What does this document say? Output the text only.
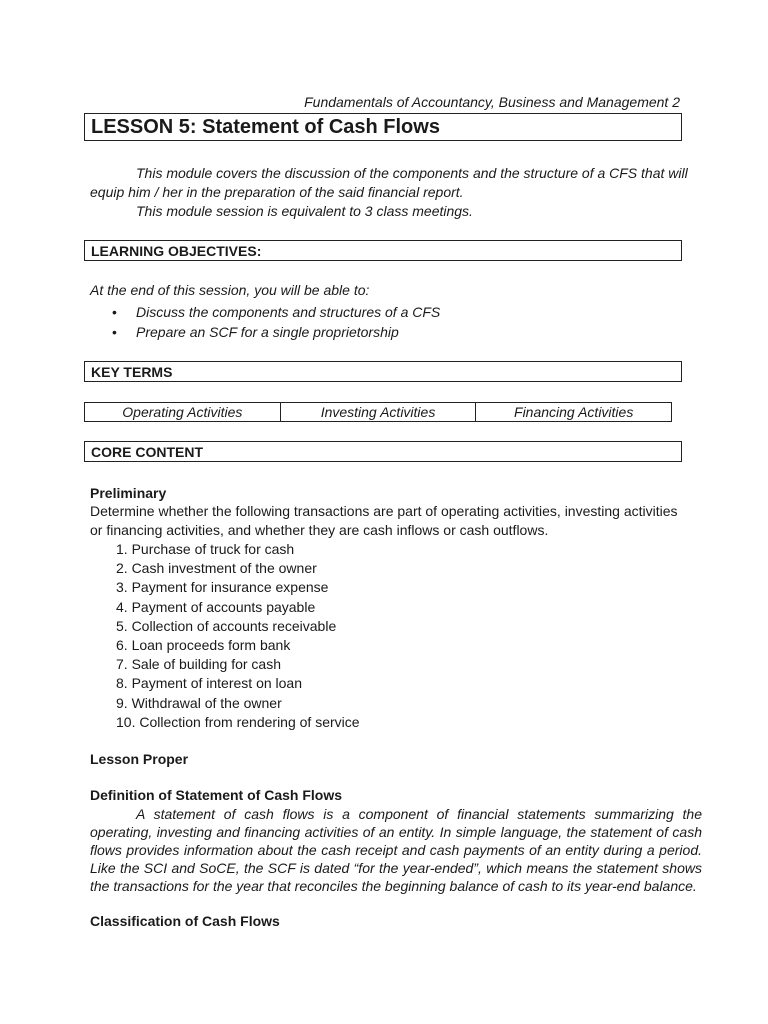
Fundamentals of Accountancy, Business and Management 2
LESSON 5: Statement of Cash Flows

This module covers the discussion of the components and the structure of a CFS that will equip him / her in the preparation of the said financial report.

This module session is equivalent to 3 class meetings.

LEARNING OBJECTIVES:
At the end of this session, you will be able to:
• Discuss the components and structures of a CFS
• Prepare an SCF for a single proprietorship
KEY TERMS
Operating Activities	Investing Activities	Financing Activities
CORE CONTENT
Preliminary
Determine whether the following transactions are part of operating activities, investing activities or financing activities, and whether they are cash inflows or cash outflows.
1. Purchase of truck for cash
2. Cash investment of the owner
3. Payment for insurance expense
4. Payment of accounts payable
5. Collection of accounts receivable
6. Loan proceeds form bank
7. Sale of building for cash
8. Payment of interest on loan
9. Withdrawal of the owner
10. Collection from rendering of service
Lesson Proper
Definition of Statement of Cash Flows

A statement of cash flows is a component of financial statements summarizing the operating, investing and financing activities of an entity. In simple language, the statement of cash flows provides information about the cash receipt and cash payments of an entity during a period. Like the SCI and SoCE, the SCF is dated “for the year-ended”, which means the statement shows the transactions for the year that reconciles the beginning balance of cash to its year-end balance.

Classification of Cash Flows
